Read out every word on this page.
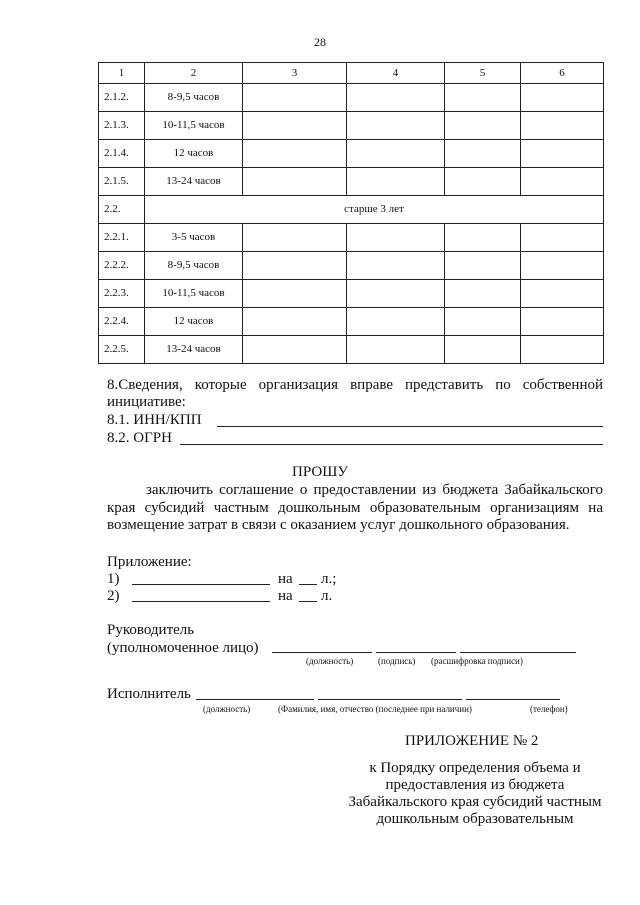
28
1	2	3	4	5	6
2.1.2.	8-9,5 часов				
2.1.3.	10-11,5 часов				
2.1.4.	12 часов				
2.1.5.	13-24 часов				
2.2.	старше 3 лет				
2.2.1.	3-5 часов				
2.2.2.	8-9,5 часов				
2.2.3.	10-11,5 часов				
2.2.4.	12 часов				
2.2.5.	13-24 часов				
8.Сведения, которые организация вправе представить по собственной
инициативе:
8.1. ИНН/КПП
8.2. ОГРН
ПРОШУ
заключить соглашение о предоставлении из бюджета Забайкальского
края субсидий частным дошкольным образовательным организациям на
возмещение затрат в связи с оказанием услуг дошкольного образования.
Приложение:
1)	на л.;
2)	на л.
Руководитель
(уполномоченное лицо)
(должность)	(подпись) (расшифровка подписи)
Исполнитель
(должность)	(Фамилия, имя, отчество (последнее при наличии)	(телефон)
ПРИЛОЖЕНИЕ № 2
к Порядку определения объема и
предоставления из бюджета
Забайкальского края субсидий частным
дошкольным образовательным
